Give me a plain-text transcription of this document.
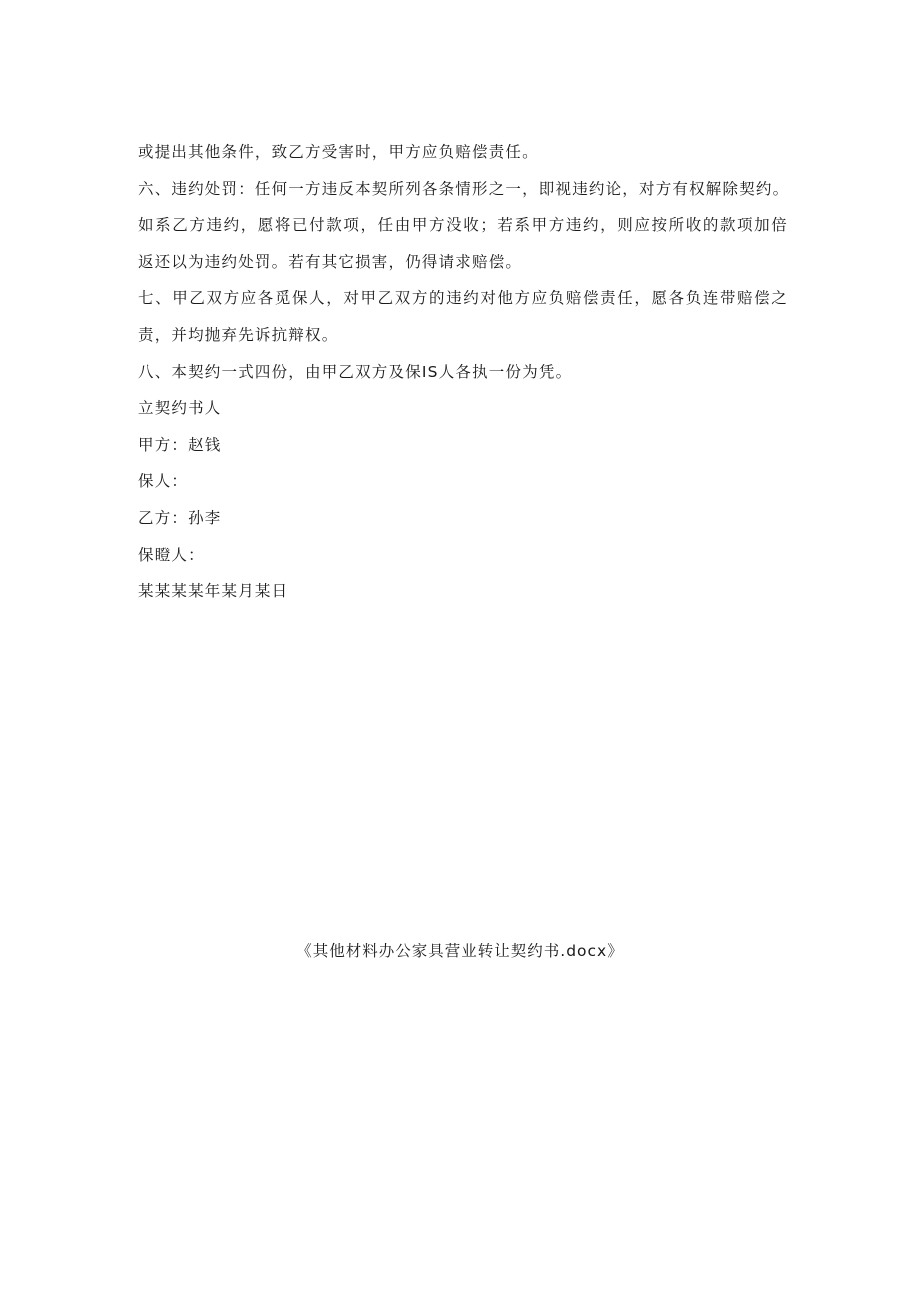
或提出其他条件，致乙方受害时，甲方应负赔偿责任。
六、违约处罚：任何一方违反本契所列各条情形之一，即视违约论，对方有权解除契约。
如系乙方违约，愿将已付款项，任由甲方没收；若系甲方违约，则应按所收的款项加倍
返还以为违约处罚。若有其它损害，仍得请求赔偿。
七、甲乙双方应各觅保人，对甲乙双方的违约对他方应负赔偿责任，愿各负连带赔偿之
责，并均抛弃先诉抗辩权。
八、本契约一式四份，由甲乙双方及保IS人各执一份为凭。
立契约书人
甲方：赵钱
保人：
乙方：孙李
保瞪人：
某某某某年某月某日
《其他材料办公家具营业转让契约书.docx》
